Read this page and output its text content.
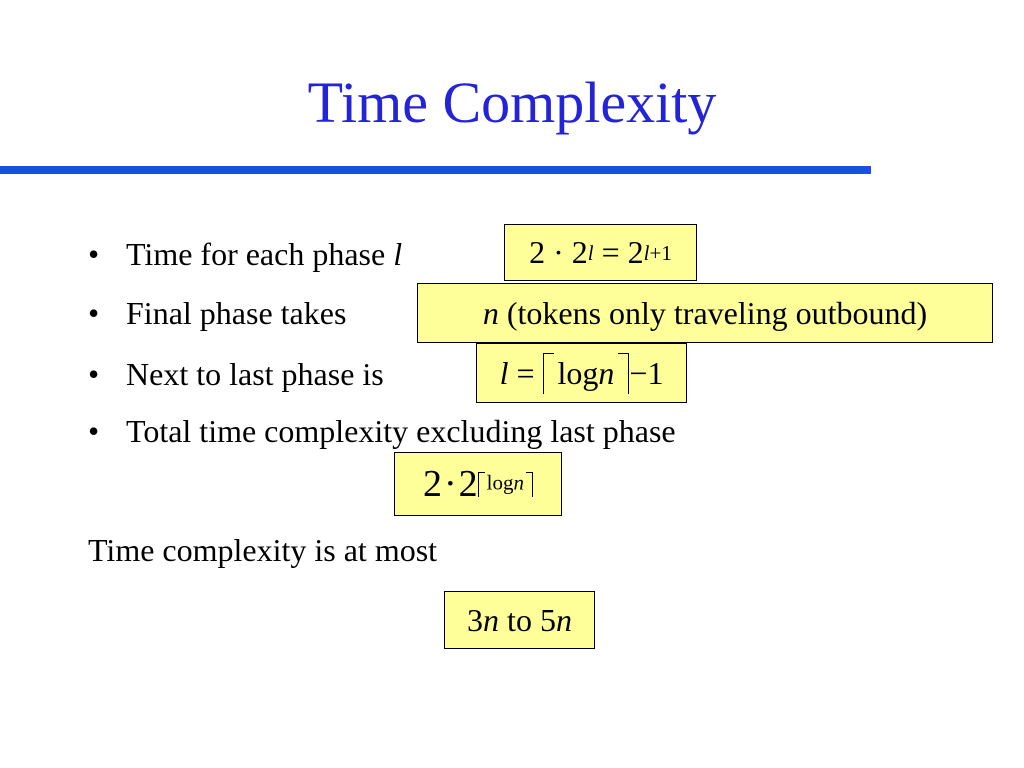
Time Complexity
• Time for each phase l	2
·
2 l
=
2 l+1
• Final phase takes	n
(tokens only traveling outbound)
• Next to last phase is	l
=
log n − 1
• Total time complexity excluding last phase
2 · 2 logn
Time complexity is at most
3 n
to
5 n
